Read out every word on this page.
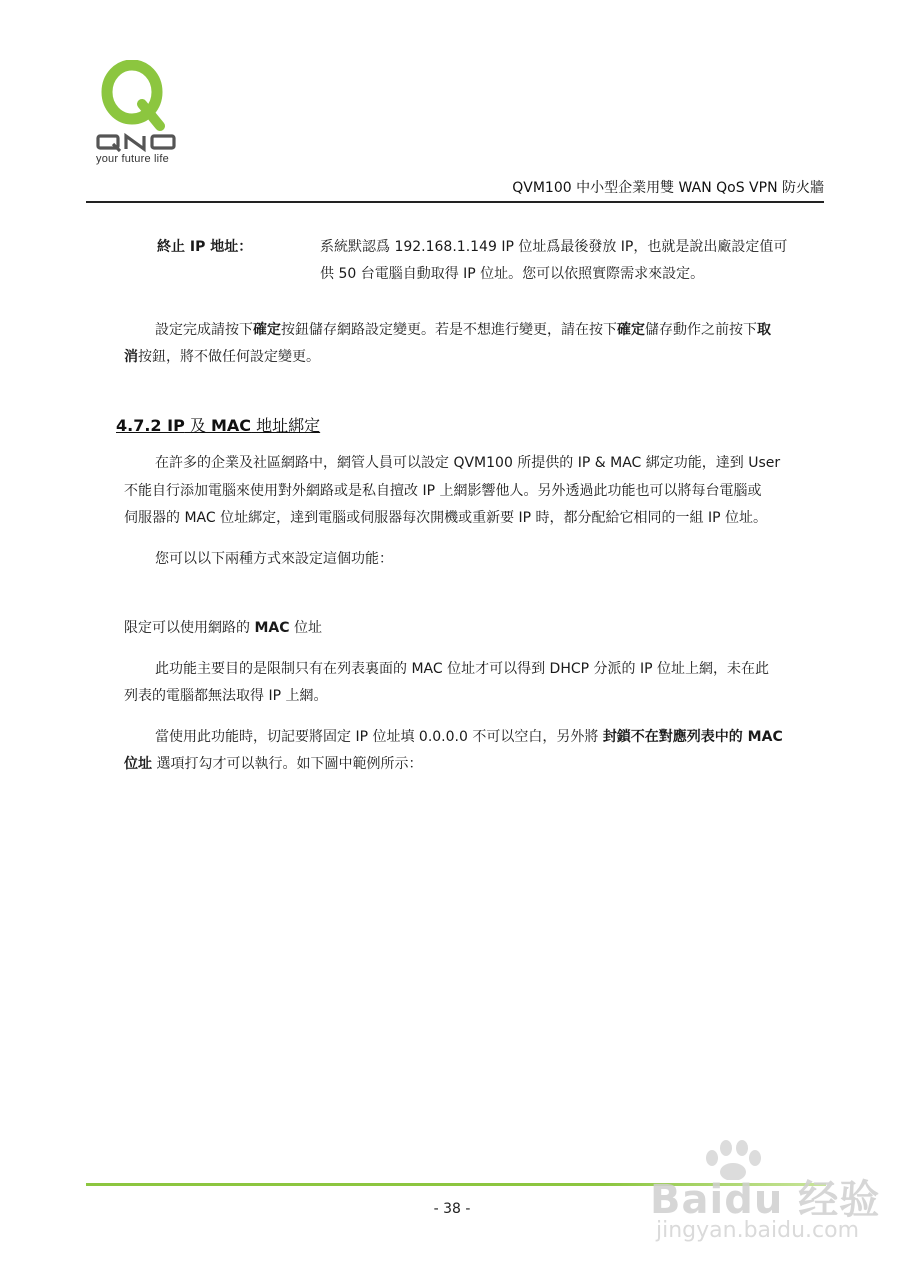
your future life
QVM100 中小型企業用雙 WAN QoS VPN 防火牆
終止 IP 地址：	系統默認爲 192.168.1.149 IP 位址爲最後發放 IP，也就是說出廠設定值可
供 50 台電腦自動取得 IP 位址。您可以依照實際需求來設定。
設定完成請按下確定按鈕儲存網路設定變更。若是不想進行變更，請在按下確定儲存動作之前按下取
消按鈕，將不做任何設定變更。
4.7.2 IP 及 MAC 地址綁定
在許多的企業及社區網路中，網管人員可以設定 QVM100 所提供的 IP & MAC 綁定功能，達到 User
不能自行添加電腦來使用對外網路或是私自擅改 IP 上網影響他人。另外透過此功能也可以將每台電腦或
伺服器的 MAC 位址綁定，達到電腦或伺服器每次開機或重新要 IP 時，都分配給它相同的一組 IP 位址。
您可以以下兩種方式來設定這個功能：
限定可以使用網路的 MAC 位址
此功能主要目的是限制只有在列表裏面的 MAC 位址才可以得到 DHCP 分派的 IP 位址上網，未在此
列表的電腦都無法取得 IP 上網。
當使用此功能時，切記要將固定 IP 位址填 0.0.0.0 不可以空白，另外將 封鎖不在對應列表中的 MAC
位址 選項打勾才可以執行。如下圖中範例所示：
- 38 -	Baidu 经验
jingyan.baidu.com
